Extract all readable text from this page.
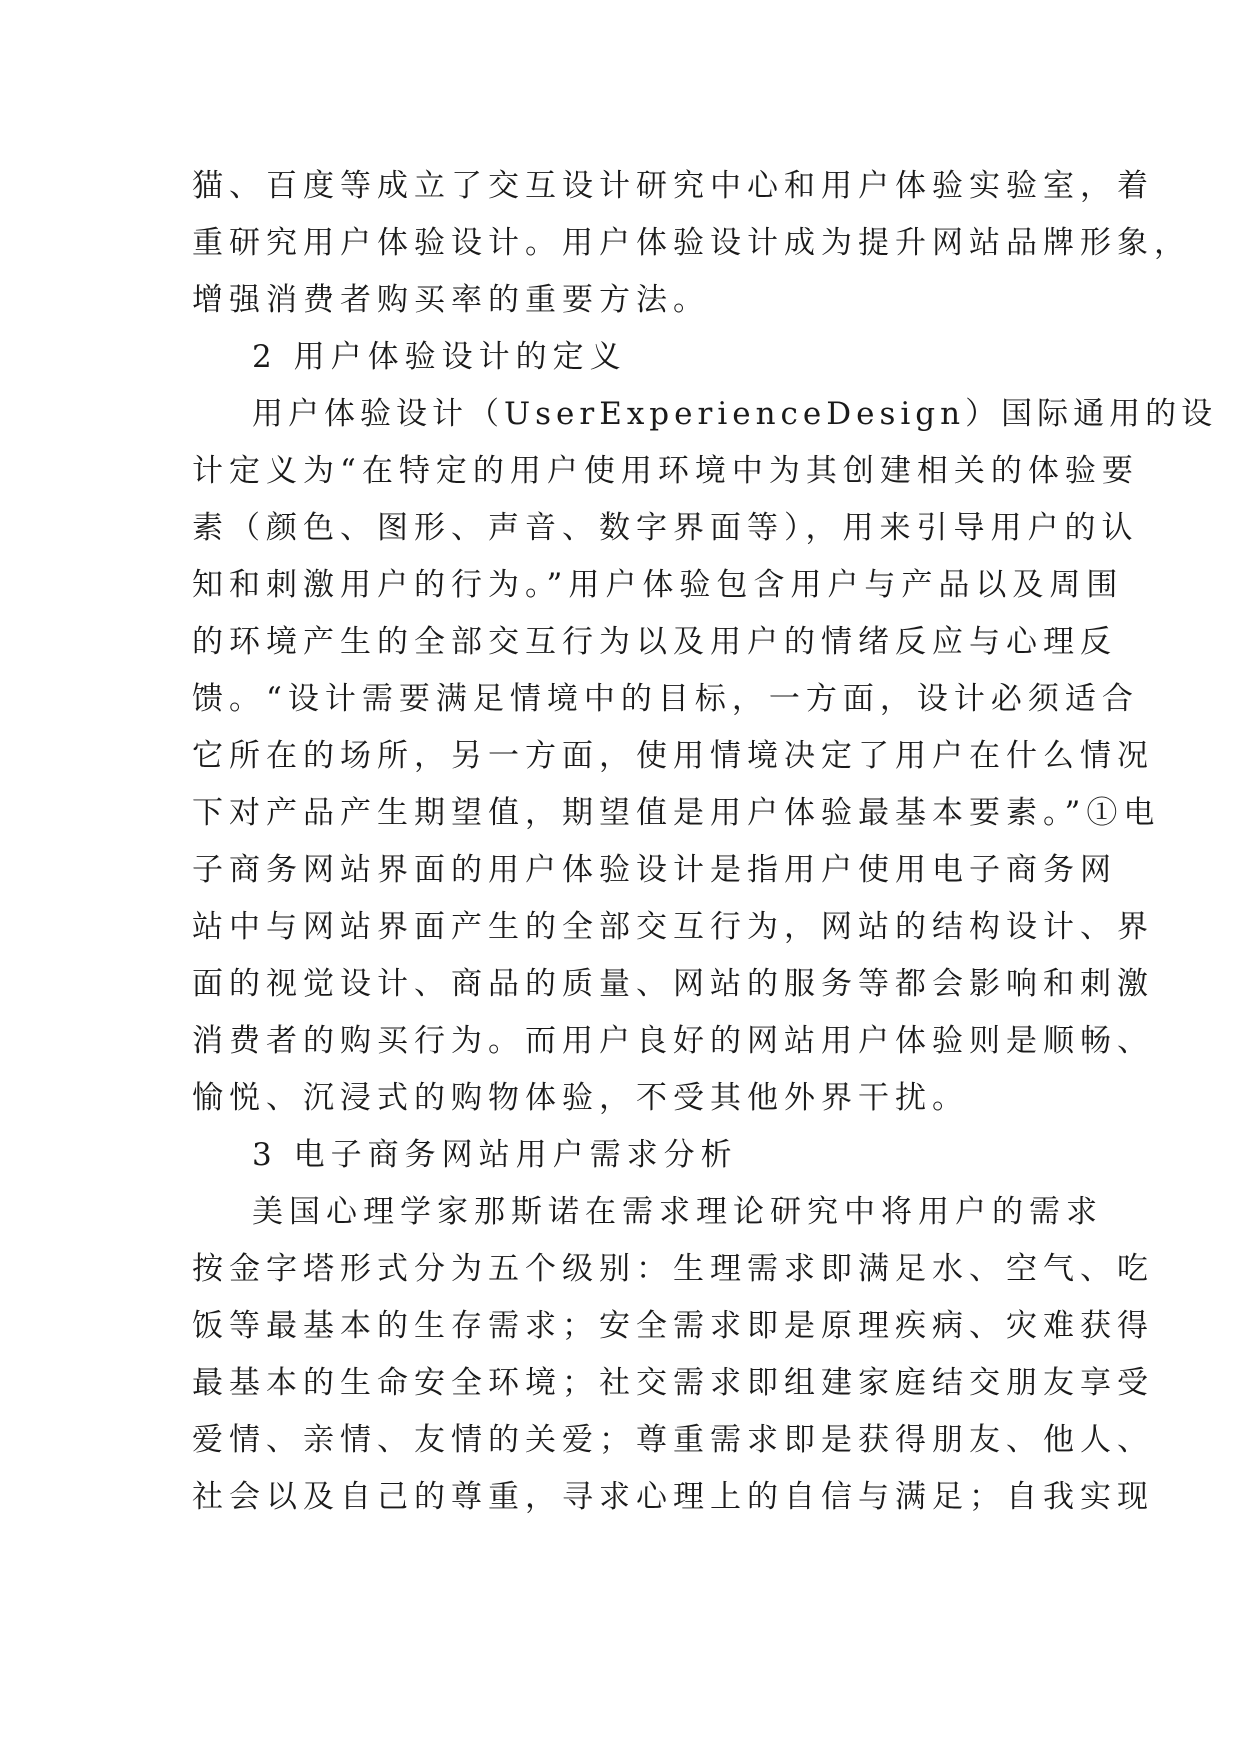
猫、百度等成立了交互设计研究中心和用户体验实验室，着
重研究用户体验设计。用户体验设计成为提升网站品牌形象，
增强消费者购买率的重要方法。
2 用户体验设计的定义
用户体验设计（UserExperienceDesign）国际通用的设
计定义为“在特定的用户使用环境中为其创建相关的体验要
素（颜色、图形、声音、数字界面等），用来引导用户的认
知和刺激用户的行为。”用户体验包含用户与产品以及周围
的环境产生的全部交互行为以及用户的情绪反应与心理反
馈。“设计需要满足情境中的目标，一方面，设计必须适合
它所在的场所，另一方面，使用情境决定了用户在什么情况
下对产品产生期望值，期望值是用户体验最基本要素。”①电
子商务网站界面的用户体验设计是指用户使用电子商务网
站中与网站界面产生的全部交互行为，网站的结构设计、界
面的视觉设计、商品的质量、网站的服务等都会影响和刺激
消费者的购买行为。而用户良好的网站用户体验则是顺畅、
愉悦、沉浸式的购物体验，不受其他外界干扰。
3 电子商务网站用户需求分析
美国心理学家那斯诺在需求理论研究中将用户的需求
按金字塔形式分为五个级别：生理需求即满足水、空气、吃
饭等最基本的生存需求；安全需求即是原理疾病、灾难获得
最基本的生命安全环境；社交需求即组建家庭结交朋友享受
爱情、亲情、友情的关爱；尊重需求即是获得朋友、他人、
社会以及自己的尊重，寻求心理上的自信与满足；自我实现
